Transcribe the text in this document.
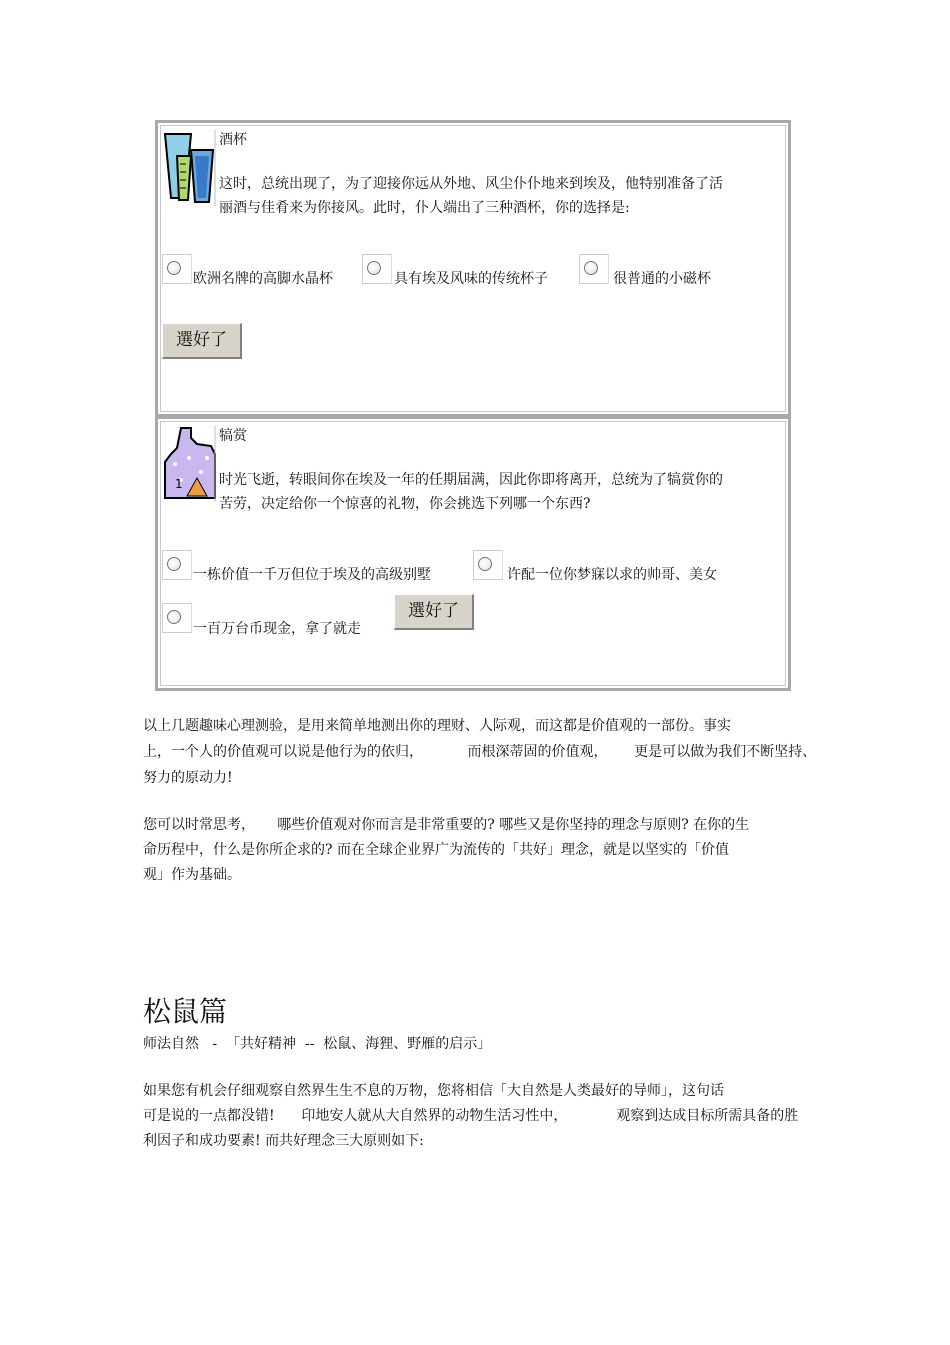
酒杯
这时，总统出现了，为了迎接你远从外地、风尘仆仆地来到埃及，他特别准备了活
丽酒与佳肴来为你接风。此时，仆人端出了三种酒杯，你的选择是:
欧洲名牌的高脚水晶杯	具有埃及风味的传统杯子	很普通的小磁杯
選好了
1
犒赏
时光飞逝，转眼间你在埃及一年的任期届满，因此你即将离开，总统为了犒赏你的
苦劳，决定给你一个惊喜的礼物，你会挑选下列哪一个东西?
一栋价值一千万但位于埃及的高级别墅	许配一位你梦寐以求的帅哥、美女
一百万台币现金，拿了就走
選好了
以上几题趣味心理测验，是用来简单地测出你的理财、人际观，而这都是价值观的一部份。事实
上，一个人的价值观可以说是他行为的依归，          而根深蒂固的价值观，      更是可以做为我们不断坚持、
努力的原动力!
您可以时常思考，     哪些价值观对你而言是非常重要的? 哪些又是你坚持的理念与原则? 在你的生
命历程中，什么是你所企求的? 而在全球企业界广为流传的「共好」理念，就是以坚实的「价值
观」作为基础。
松鼠篇
师法自然   -  「共好精神  --  松鼠、海狸、野雁的启示」
如果您有机会仔细观察自然界生生不息的万物，您将相信「大自然是人类最好的导师」，这句话
可是说的一点都没错!      印地安人就从大自然界的动物生活习性中，           观察到达成目标所需具备的胜
利因子和成功要素! 而共好理念三大原则如下:
